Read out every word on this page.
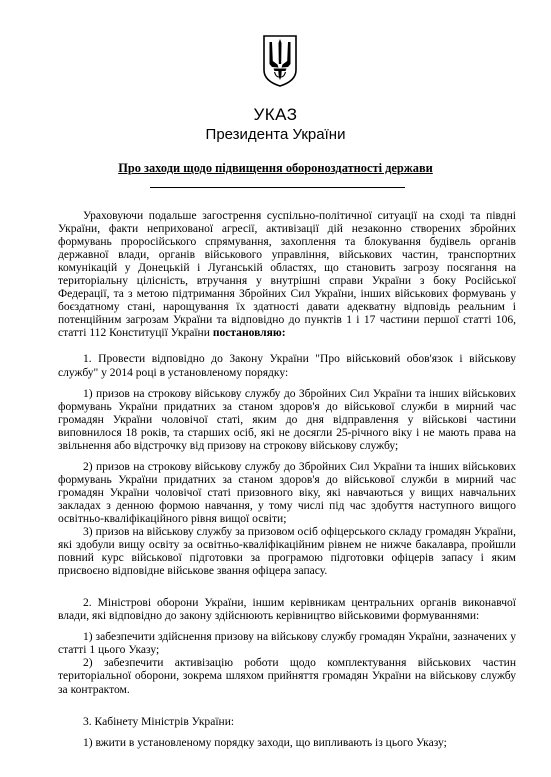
УКАЗ
Президента України
Про заходи щодо підвищення обороноздатності держави

Ураховуючи подальше загострення суспільно-політичної ситуації на сході та півдні України, факти неприхованої агресії, активізації дій незаконно створених збройних формувань проросійського спрямування, захоплення та блокування будівель органів державної влади, органів військового управління, військових частин, транспортних комунікацій у Донецькій і Луганській областях, що становить загрозу посягання на територіальну цілісність, втручання у внутрішні справи України з боку Російської Федерації, та з метою підтримання Збройних Сил України, інших військових формувань у боєздатному стані, нарощування їх здатності давати адекватну відповідь реальним і потенційним загрозам України та відповідно до пунктів 1 і 17 частини першої статті 106, статті 112 Конституції України постановляю:

1. Провести відповідно до Закону України "Про військовий обов'язок і військову службу" у 2014 році в установленому порядку:

1) призов на строкову військову службу до Збройних Сил України та інших військових формувань України придатних за станом здоров'я до військової служби в мирний час громадян України чоловічої статі, яким до дня відправлення у військові частини виповнилося 18 років, та старших осіб, які не досягли 25-річного віку і не мають права на звільнення або відстрочку від призову на строкову військову службу;

2) призов на строкову військову службу до Збройних Сил України та інших військових формувань України придатних за станом здоров'я до військової служби в мирний час громадян України чоловічої статі призовного віку, які навчаються у вищих навчальних закладах з денною формою навчання, у тому числі під час здобуття наступного вищого освітньо-кваліфікаційного рівня вищої освіти;

3) призов на військову службу за призовом осіб офіцерського складу громадян України, які здобули вищу освіту за освітньо-кваліфікаційним рівнем не нижче бакалавра, пройшли повний курс військової підготовки за програмою підготовки офіцерів запасу і яким присвоєно відповідне військове звання офіцера запасу.

2. Міністрові оборони України, іншим керівникам центральних органів виконавчої влади, які відповідно до закону здійснюють керівництво військовими формуваннями:

1) забезпечити здійснення призову на військову службу громадян України, зазначених у статті 1 цього Указу;

2) забезпечити активізацію роботи щодо комплектування військових частин територіальної оборони, зокрема шляхом прийняття громадян України на військову службу за контрактом.

3. Кабінету Міністрів України:

1) вжити в установленому порядку заходи, що випливають із цього Указу;
